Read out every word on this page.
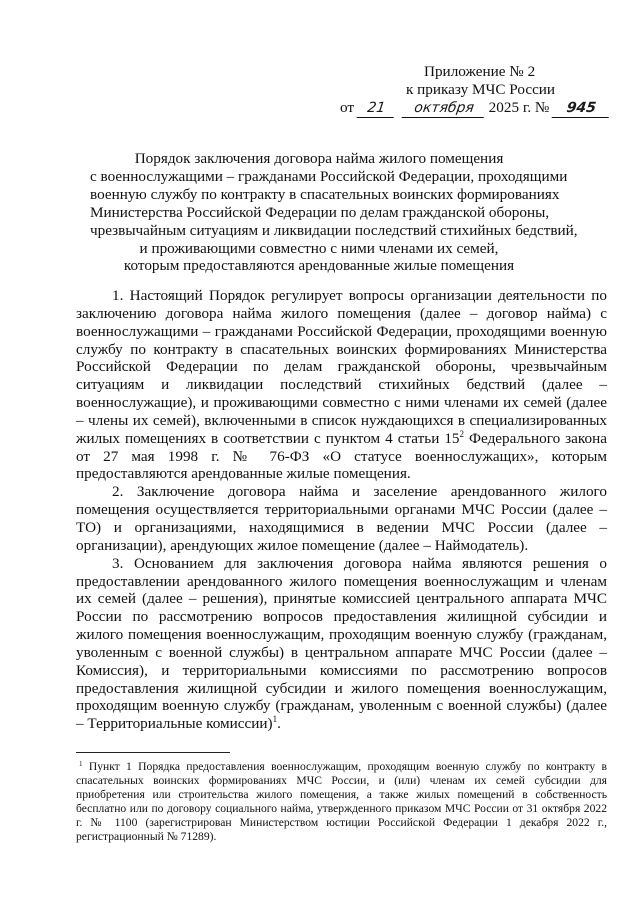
Приложение № 2
к приказу МЧС России
от 21	октября 2025 г. №	945
Порядок заключения договора найма жилого помещения
с военнослужащими – гражданами Российской Федерации, проходящими
военную службу по контракту в спасательных воинских формированиях
Министерства Российской Федерации по делам гражданской обороны,
чрезвычайным ситуациям и ликвидации последствий стихийных бедствий,
и проживающими совместно с ними членами их семей,
которым предоставляются арендованные жилые помещения

1. Настоящий Порядок регулирует вопросы организации деятельности по заключению договора найма жилого помещения (далее – договор найма) с военнослужащими – гражданами Российской Федерации, проходящими военную службу по контракту в спасательных воинских формированиях Министерства Российской Федерации по делам гражданской обороны, чрезвычайным ситуациям и ликвидации последствий стихийных бедствий (далее – военнослужащие), и проживающими совместно с ними членами их семей (далее – члены их семей), включенными в список нуждающихся в специализированных жилых помещениях в соответствии с пунктом 4 статьи $15^2$ Федерального закона от 27 мая 1998 г. № 76-ФЗ «О статусе военнослужащих», которым предоставляются арендованные жилые помещения.

2. Заключение договора найма и заселение арендованного жилого помещения осуществляется территориальными органами МЧС России (далее – ТО) и организациями, находящимися в ведении МЧС России (далее – организации), арендующих жилое помещение (далее – Наймодатель).

3. Основанием для заключения договора найма являются решения о предоставлении арендованного жилого помещения военнослужащим и членам их семей (далее – решения), принятые комиссией центрального аппарата МЧС России по рассмотрению вопросов предоставления жилищной субсидии и жилого помещения военнослужащим, проходящим военную службу (гражданам, уволенным с военной службы) в центральном аппарате МЧС России (далее – Комиссия), и территориальными комиссиями по рассмотрению вопросов предоставления жилищной субсидии и жилого помещения военнослужащим, проходящим военную службу (гражданам, уволенным с военной службы) (далее – Территориальные комиссии)$^1$.

$^1$ Пункт 1 Порядка предоставления военнослужащим, проходящим военную службу по контракту в спасательных воинских формированиях МЧС России, и (или) членам их семей субсидии для приобретения или строительства жилого помещения, а также жилых помещений в собственность бесплатно или по договору социального найма, утвержденного приказом МЧС России от 31 октября 2022 г. № 1100 (зарегистрирован Министерством юстиции Российской Федерации 1 декабря 2022 г., регистрационный № 71289).
